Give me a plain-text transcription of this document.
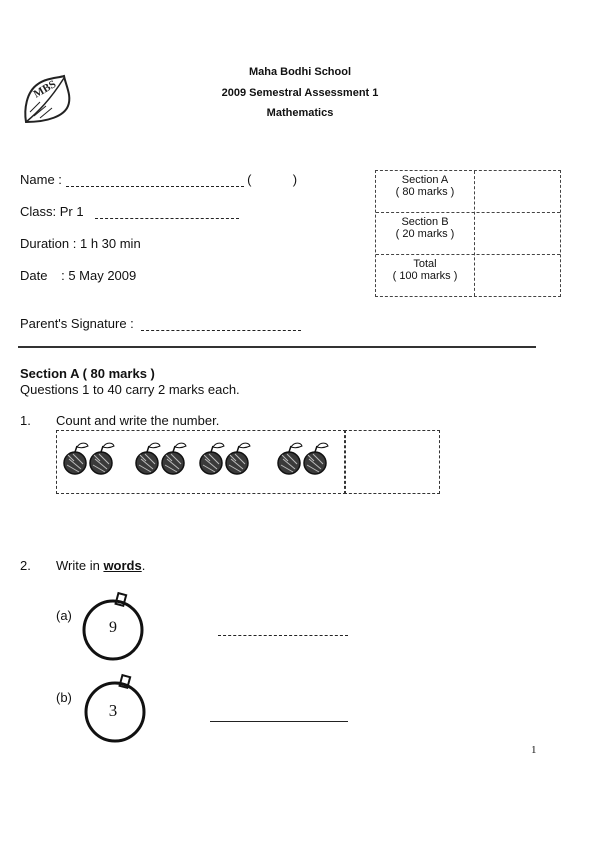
MBS
Maha Bodhi School
2009 Semestral Assessment 1
Mathematics
Name :	(	)
Class: Pr 1
Duration : 1 h 30 min
Date : 5 May 2009
Parent's Signature :
Section A
( 80 marks )
Section B
( 20 marks )
Total
( 100 marks )
Section A ( 80 marks )
Questions 1 to 40 carry 2 marks each.
1. Count and write the number.
2. Write in words.
(a)
9
(b)
3
1
